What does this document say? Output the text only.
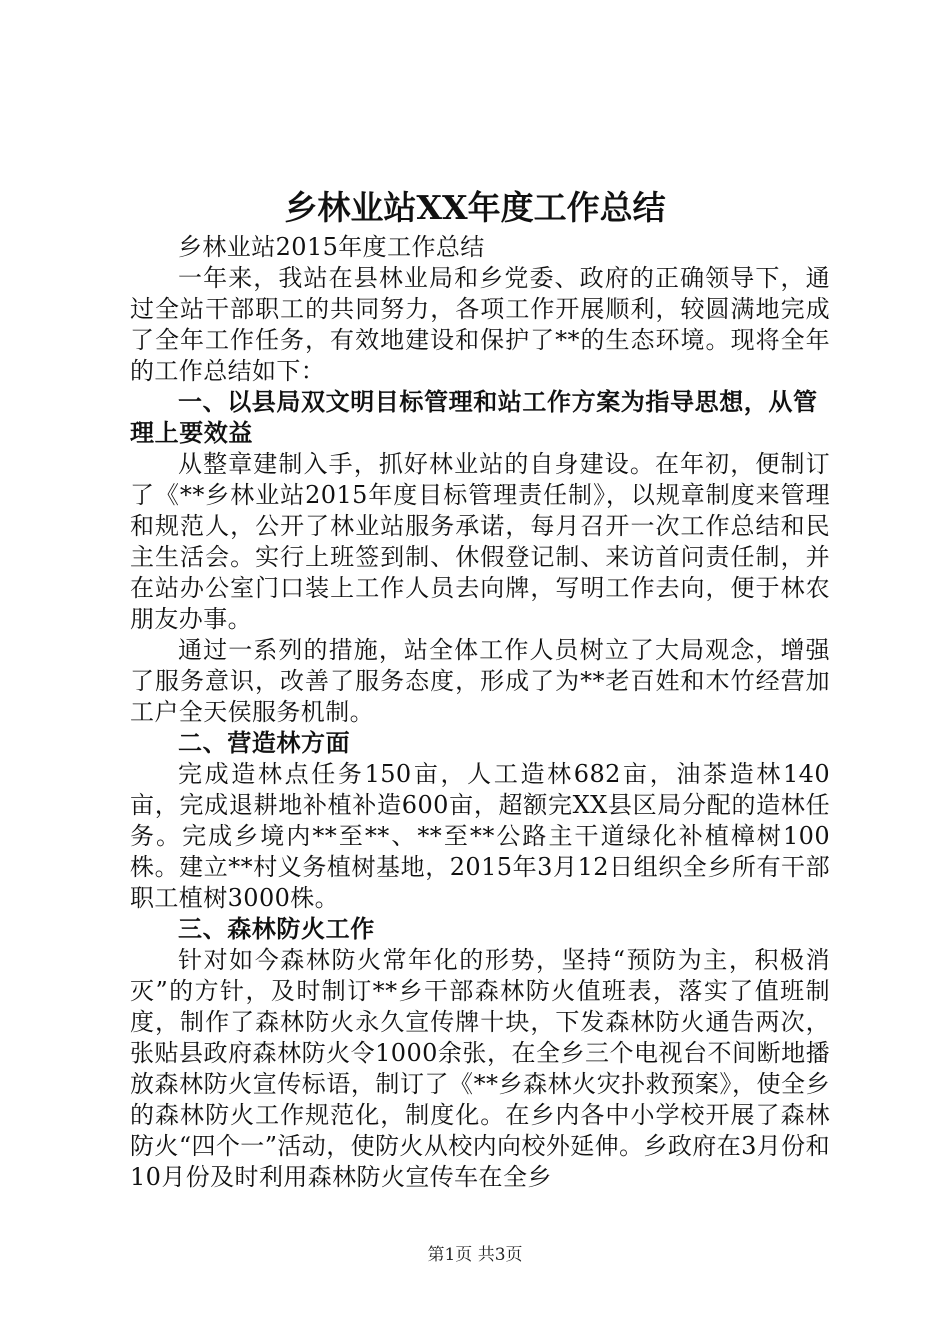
乡林业站XX年度工作总结

乡林业站2015年度工作总结

一年来，我站在县林业局和乡党委、政府的正确领导下，通过全站干部职工的共同努力，各项工作开展顺利，较圆满地完成了全年工作任务，有效地建设和保护了**的生态环境。现将全年的工作总结如下：

一、以县局双文明目标管理和站工作方案为指导思想，从管理上要效益

从整章建制入手，抓好林业站的自身建设。在年初，便制订了《**乡林业站2015年度目标管理责任制》，以规章制度来管理和规范人，公开了林业站服务承诺，每月召开一次工作总结和民主生活会。实行上班签到制、休假登记制、来访首问责任制，并在站办公室门口装上工作人员去向牌，写明工作去向，便于林农朋友办事。

通过一系列的措施，站全体工作人员树立了大局观念，增强了服务意识，改善了服务态度，形成了为**老百姓和木竹经营加工户全天侯服务机制。

二、营造林方面

完成造林点任务150亩，人工造林682亩，油茶造林140亩，完成退耕地补植补造600亩，超额完XX县区局分配的造林任务。完成乡境内**至**、**至**公路主干道绿化补植樟树100株。建立**村义务植树基地，2015年3月12日组织全乡所有干部职工植树3000株。

三、森林防火工作

针对如今森林防火常年化的形势，坚持“预防为主，积极消灭”的方针，及时制订**乡干部森林防火值班表，落实了值班制度，制作了森林防火永久宣传牌十块，下发森林防火通告两次，张贴县政府森林防火令1000余张，在全乡三个电视台不间断地播放森林防火宣传标语，制订了《**乡森林火灾扑救预案》，使全乡的森林防火工作规范化，制度化。在乡内各中小学校开展了森林防火“四个一”活动，使防火从校内向校外延伸。乡政府在3月份和10月份及时利用森林防火宣传车在全乡

第1页 共3页
